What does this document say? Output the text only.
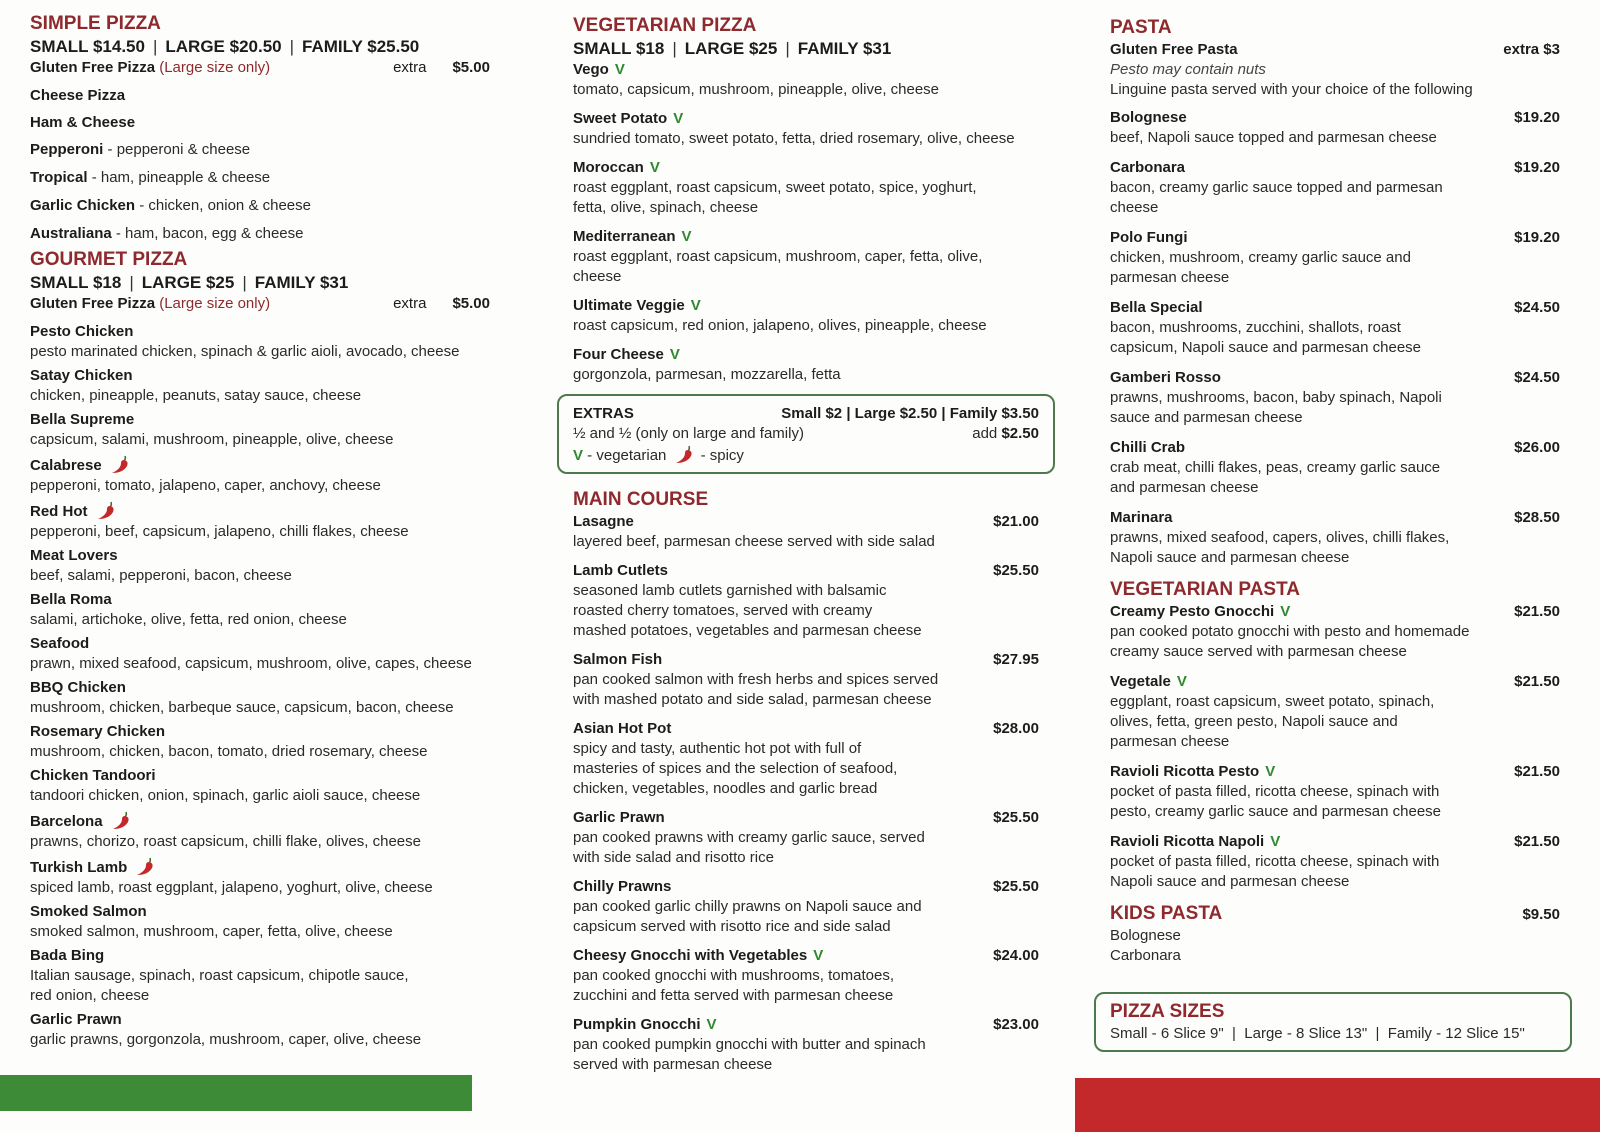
SIMPLE PIZZA
SMALL $14.50 | LARGE $20.50 | FAMILY $25.50
Gluten Free Pizza (Large size only)	extra $5.00
Cheese Pizza
Ham & Cheese
Pepperoni - pepperoni & cheese
Tropical - ham, pineapple & cheese
Garlic Chicken - chicken, onion & cheese
Australiana - ham, bacon, egg & cheese
GOURMET PIZZA
SMALL $18 | LARGE $25 | FAMILY $31
Gluten Free Pizza (Large size only)	extra $5.00
Pesto Chicken
pesto marinated chicken, spinach & garlic aioli, avocado, cheese
Satay Chicken
chicken, pineapple, peanuts, satay sauce, cheese
Bella Supreme
capsicum, salami, mushroom, pineapple, olive, cheese
Calabrese
pepperoni, tomato, jalapeno, caper, anchovy, cheese
Red Hot
pepperoni, beef, capsicum, jalapeno, chilli flakes, cheese
Meat Lovers
beef, salami, pepperoni, bacon, cheese
Bella Roma
salami, artichoke, olive, fetta, red onion, cheese
Seafood
prawn, mixed seafood, capsicum, mushroom, olive, capes, cheese
BBQ Chicken
mushroom, chicken, barbeque sauce, capsicum, bacon, cheese
Rosemary Chicken
mushroom, chicken, bacon, tomato, dried rosemary, cheese
Chicken Tandoori
tandoori chicken, onion, spinach, garlic aioli sauce, cheese
Barcelona
prawns, chorizo, roast capsicum, chilli flake, olives, cheese
Turkish Lamb
spiced lamb, roast eggplant, jalapeno, yoghurt, olive, cheese
Smoked Salmon
smoked salmon, mushroom, caper, fetta, olive, cheese
Bada Bing
Italian sausage, spinach, roast capsicum, chipotle sauce,
red onion, cheese
Garlic Prawn
garlic prawns, gorgonzola, mushroom, caper, olive, cheese
VEGETARIAN PIZZA
SMALL $18 | LARGE $25 | FAMILY $31
Vego V
tomato, capsicum, mushroom, pineapple, olive, cheese
Sweet Potato V
sundried tomato, sweet potato, fetta, dried rosemary, olive, cheese
Moroccan V
roast eggplant, roast capsicum, sweet potato, spice, yoghurt,
fetta, olive, spinach, cheese
Mediterranean V
roast eggplant, roast capsicum, mushroom, caper, fetta, olive,
cheese
Ultimate Veggie V
roast capsicum, red onion, jalapeno, olives, pineapple, cheese
Four Cheese V
gorgonzola, parmesan, mozzarella, fetta
EXTRAS	Small $2 | Large $2.50 | Family $3.50
½ and ½ (only on large and family)	add $2.50
V - vegetarian - spicy
MAIN COURSE
Lasagne	$21.00
layered beef, parmesan cheese served with side salad
Lamb Cutlets	$25.50
seasoned lamb cutlets garnished with balsamic
roasted cherry tomatoes, served with creamy
mashed potatoes, vegetables and parmesan cheese
Salmon Fish	$27.95
pan cooked salmon with fresh herbs and spices served
with mashed potato and side salad, parmesan cheese
Asian Hot Pot	$28.00
spicy and tasty, authentic hot pot with full of
masteries of spices and the selection of seafood,
chicken, vegetables, noodles and garlic bread
Garlic Prawn	$25.50
pan cooked prawns with creamy garlic sauce, served
with side salad and risotto rice
Chilly Prawns	$25.50
pan cooked garlic chilly prawns on Napoli sauce and
capsicum served with risotto rice and side salad
Cheesy Gnocchi with Vegetables V	$24.00
pan cooked gnocchi with mushrooms, tomatoes,
zucchini and fetta served with parmesan cheese
Pumpkin Gnocchi V	$23.00
pan cooked pumpkin gnocchi with butter and spinach
served with parmesan cheese
PASTA
Gluten Free Pasta	extra $3
Pesto may contain nuts
Linguine pasta served with your choice of the following
Bolognese	$19.20
beef, Napoli sauce topped and parmesan cheese
Carbonara	$19.20
bacon, creamy garlic sauce topped and parmesan
cheese
Polo Fungi	$19.20
chicken, mushroom, creamy garlic sauce and
parmesan cheese
Bella Special	$24.50
bacon, mushrooms, zucchini, shallots, roast
capsicum, Napoli sauce and parmesan cheese
Gamberi Rosso	$24.50
prawns, mushrooms, bacon, baby spinach, Napoli
sauce and parmesan cheese
Chilli Crab	$26.00
crab meat, chilli flakes, peas, creamy garlic sauce
and parmesan cheese
Marinara	$28.50
prawns, mixed seafood, capers, olives, chilli flakes,
Napoli sauce and parmesan cheese
VEGETARIAN PASTA
Creamy Pesto Gnocchi V	$21.50
pan cooked potato gnocchi with pesto and homemade
creamy sauce served with parmesan cheese
Vegetale V	$21.50
eggplant, roast capsicum, sweet potato, spinach,
olives, fetta, green pesto, Napoli sauce and
parmesan cheese
Ravioli Ricotta Pesto V	$21.50
pocket of pasta filled, ricotta cheese, spinach with
pesto, creamy garlic sauce and parmesan cheese
Ravioli Ricotta Napoli V	$21.50
pocket of pasta filled, ricotta cheese, spinach with
Napoli sauce and parmesan cheese
KIDS PASTA	$9.50
Bolognese
Carbonara
PIZZA SIZES
Small - 6 Slice 9"  |  Large - 8 Slice 13"  |  Family - 12 Slice 15"
